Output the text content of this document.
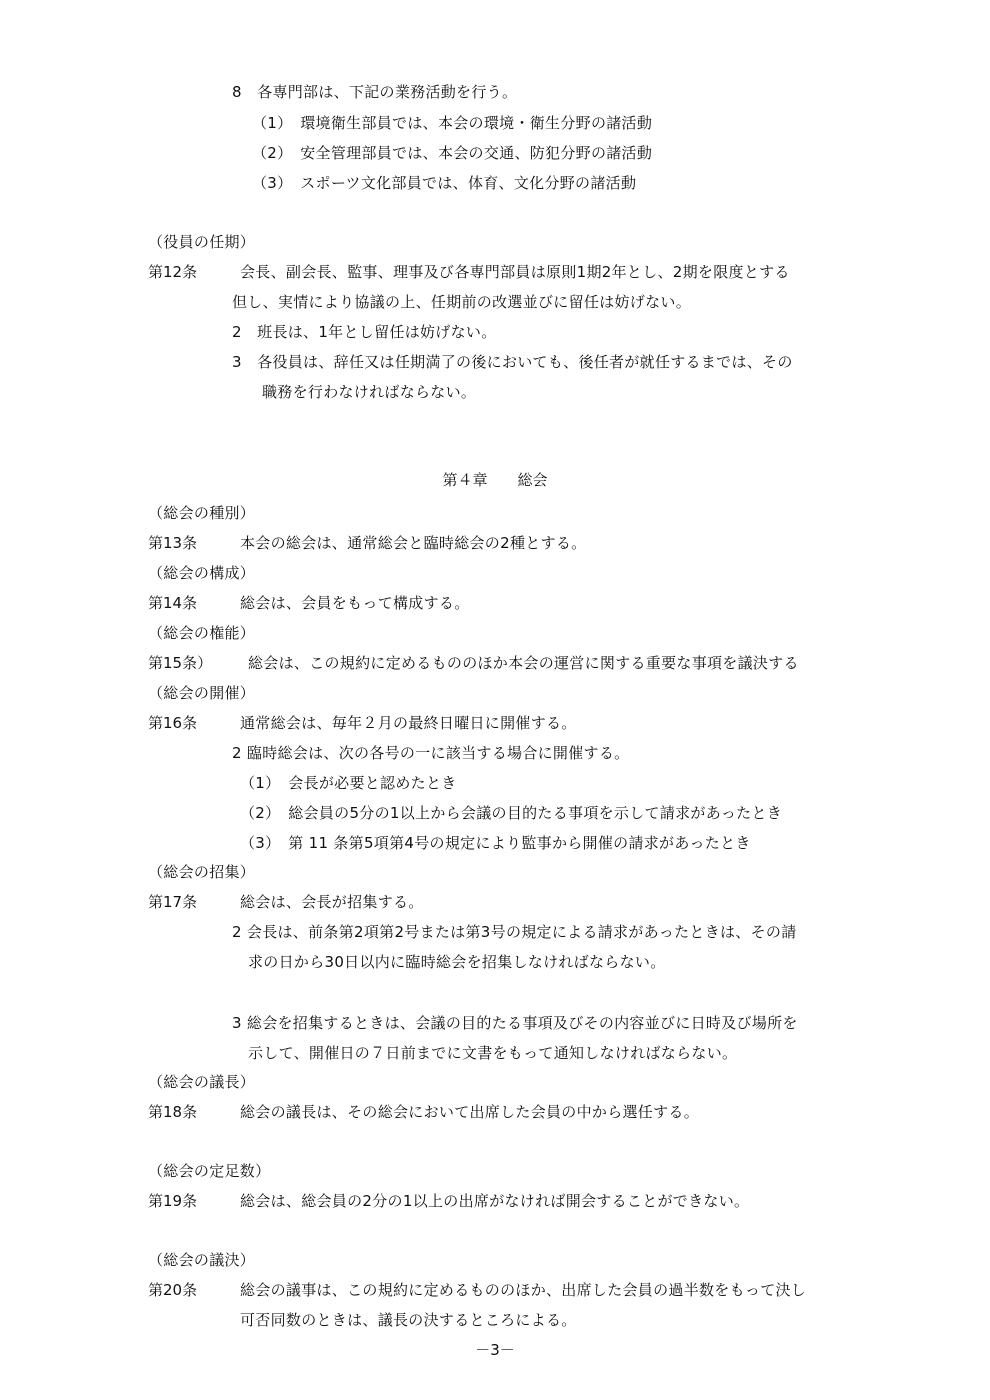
8　各専門部は、下記の業務活動を行う。
（1）　環境衛生部員では、本会の環境・衛生分野の諸活動
（2）　安全管理部員では、本会の交通、防犯分野の諸活動
（3）　スポーツ文化部員では、体育、文化分野の諸活動
（役員の任期）
第12条	会長、副会長、監事、理事及び各専門部員は原則1期2年とし、2期を限度とする
但し、実情により協議の上、任期前の改選並びに留任は妨げない。
2　班長は、1年とし留任は妨げない。
3　各役員は、辞任又は任期満了の後においても、後任者が就任するまでは、その
職務を行わなければならない。
第４章　　総会
（総会の種別）
第13条	本会の総会は、通常総会と臨時総会の2種とする。
（総会の構成）
第14条	総会は、会員をもって構成する。
（総会の権能）
第15条） 総会は、この規約に定めるもののほか本会の運営に関する重要な事項を議決する
（総会の開催）
第16条	通常総会は、毎年２月の最終日曜日に開催する。
2 臨時総会は、次の各号の一に該当する場合に開催する。
（1）　会長が必要と認めたとき
（2）　総会員の5分の1以上から会議の目的たる事項を示して請求があったとき
（3）　第 11 条第5項第4号の規定により監事から開催の請求があったとき
（総会の招集）
第17条	総会は、会長が招集する。
2 会長は、前条第2項第2号または第3号の規定による請求があったときは、その請
求の日から30日以内に臨時総会を招集しなければならない。
3 総会を招集するときは、会議の目的たる事項及びその内容並びに日時及び場所を
示して、開催日の７日前までに文書をもって通知しなければならない。
（総会の議長）
第18条	総会の議長は、その総会において出席した会員の中から選任する。
（総会の定足数）
第19条	総会は、総会員の2分の1以上の出席がなければ開会することができない。
（総会の議決）
第20条	総会の議事は、この規約に定めるもののほか、出席した会員の過半数をもって決し
可否同数のときは、議長の決するところによる。
－3－
